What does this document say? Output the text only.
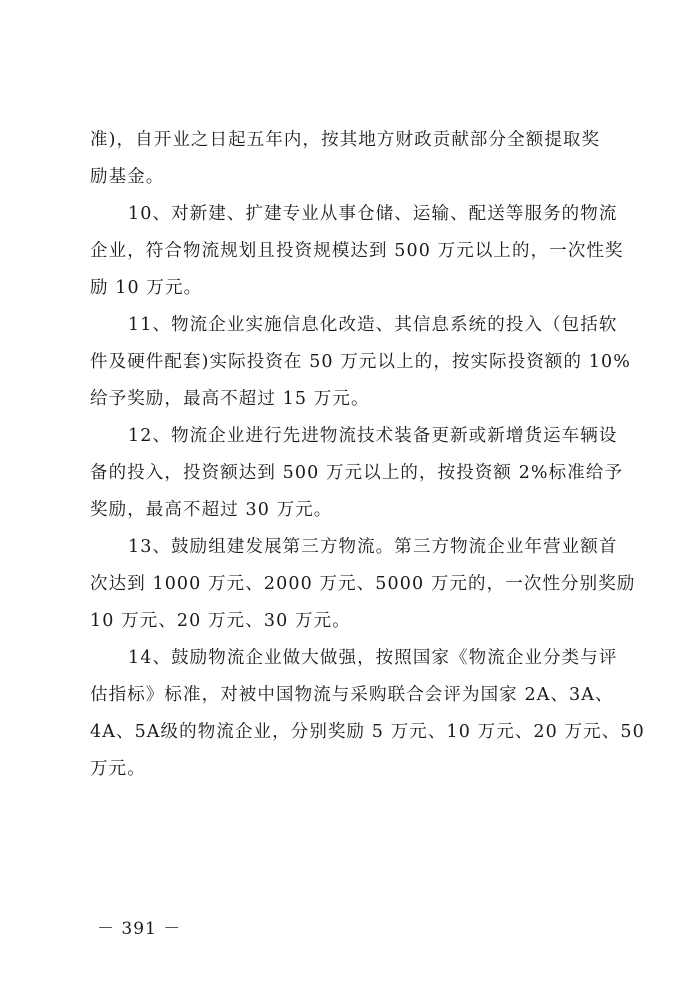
准)，自开业之日起五年内，按其地方财政贡献部分全额提取奖
励基金。

10、对新建、扩建专业从事仓储、运输、配送等服务的物流
企业，符合物流规划且投资规模达到 500 万元以上的，一次性奖
励 10 万元。

11、物流企业实施信息化改造、其信息系统的投入（包括软
件及硬件配套)实际投资在 50 万元以上的，按实际投资额的 10%
给予奖励，最高不超过 15 万元。

12、物流企业进行先进物流技术装备更新或新增货运车辆设
备的投入，投资额达到 500 万元以上的，按投资额 2%标准给予
奖励，最高不超过 30 万元。

13、鼓励组建发展第三方物流。第三方物流企业年营业额首
次达到 1000 万元、2000 万元、5000 万元的，一次性分别奖励
10 万元、20 万元、30 万元。

14、鼓励物流企业做大做强，按照国家《物流企业分类与评
估指标》标准，对被中国物流与采购联合会评为国家 2A、3A、
4A、5A级的物流企业，分别奖励 5 万元、10 万元、20 万元、50
万元。

－ 391 －
